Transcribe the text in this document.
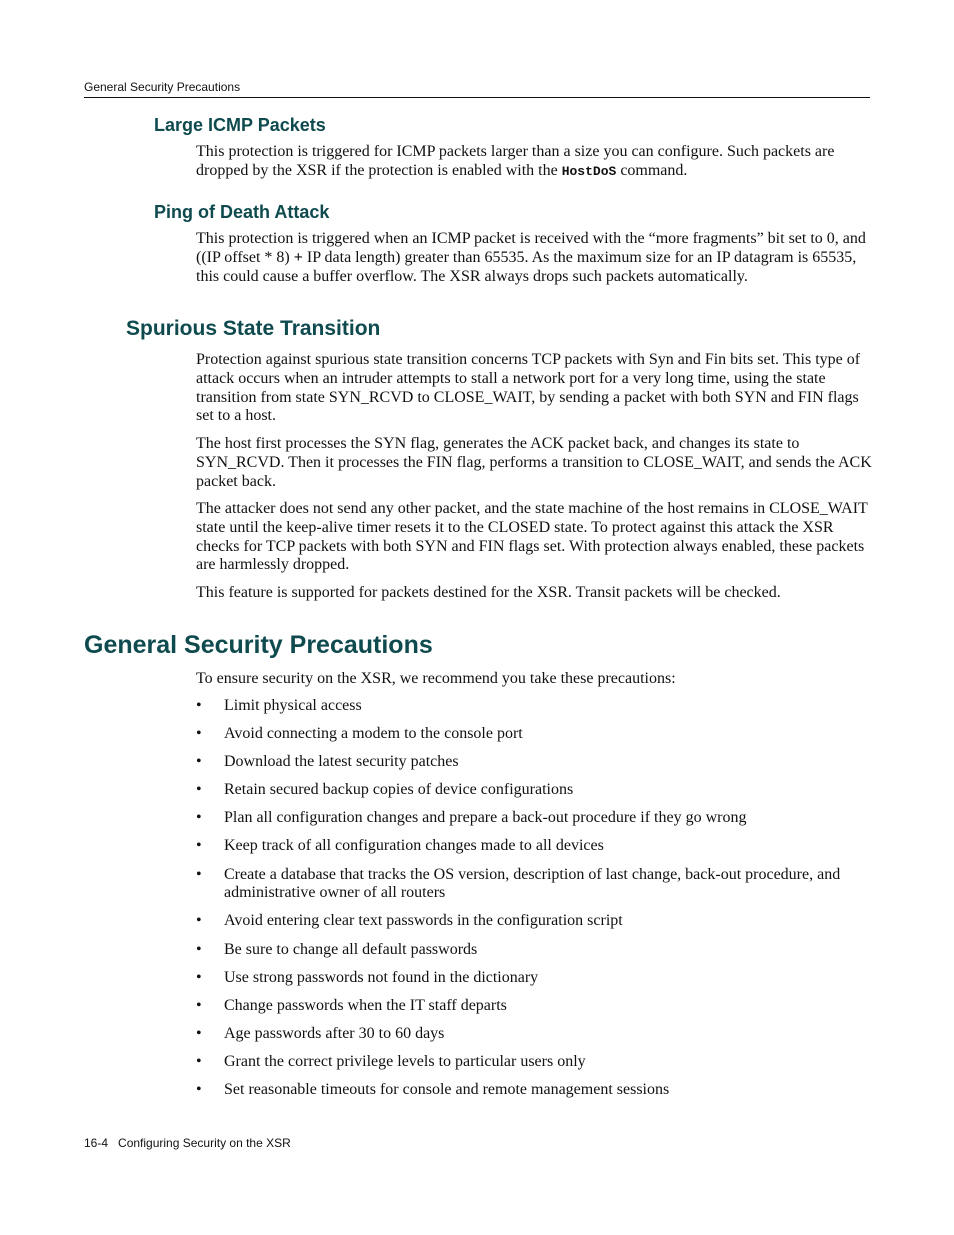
General Security Precautions
Large ICMP Packets

This protection is triggered for ICMP packets larger than a size you can configure. Such packets are dropped by the XSR if the protection is enabled with the HostDoS command.

Ping of Death Attack

This protection is triggered when an ICMP packet is received with the “more fragments” bit set to 0, and ((IP offset * 8) + IP data length) greater than 65535. As the maximum size for an IP datagram is 65535, this could cause a buffer overflow. The XSR always drops such packets automatically.

Spurious State Transition

Protection against spurious state transition concerns TCP packets with Syn and Fin bits set. This type of attack occurs when an intruder attempts to stall a network port for a very long time, using the state transition from state SYN_RCVD to CLOSE_WAIT, by sending a packet with both SYN and FIN flags set to a host.

The host first processes the SYN flag, generates the ACK packet back, and changes its state to SYN_RCVD. Then it processes the FIN flag, performs a transition to CLOSE_WAIT, and sends the ACK packet back.

The attacker does not send any other packet, and the state machine of the host remains in CLOSE_WAIT state until the keep-alive timer resets it to the CLOSED state. To protect against this attack the XSR checks for TCP packets with both SYN and FIN flags set. With protection always enabled, these packets are harmlessly dropped.

This feature is supported for packets destined for the XSR. Transit packets will be checked.

General Security Precautions

To ensure security on the XSR, we recommend you take these precautions:

• Limit physical access
• Avoid connecting a modem to the console port
• Download the latest security patches
• Retain secured backup copies of device configurations
• Plan all configuration changes and prepare a back-out procedure if they go wrong
• Keep track of all configuration changes made to all devices
• Create a database that tracks the OS version, description of last change, back-out procedure, and administrative owner of all routers
• Avoid entering clear text passwords in the configuration script
• Be sure to change all default passwords
• Use strong passwords not found in the dictionary
• Change passwords when the IT staff departs
• Age passwords after 30 to 60 days
• Grant the correct privilege levels to particular users only
• Set reasonable timeouts for console and remote management sessions
16-4 Configuring Security on the XSR
